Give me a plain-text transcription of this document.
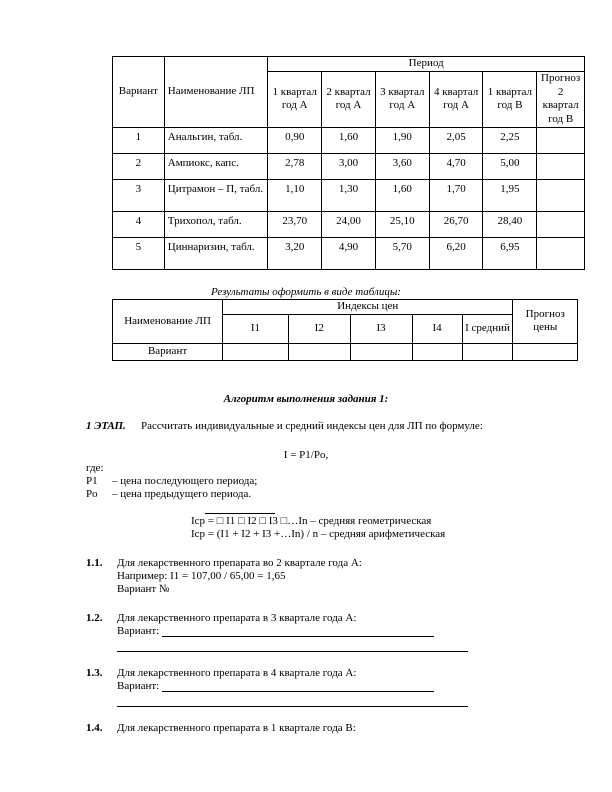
Вариант	Наименование ЛП	Период					
		1 квартал год А	2 квартал год А	3 квартал год А	4 квартал год А	1 квартал год В	Прогноз 2 квартал год В
1	Анальгин, табл.	0,90	1,60	1,90	2,05	2,25	
2	Ампиокс, капс.	2,78	3,00	3,60	4,70	5,00	
3	Цитрамон – П, табл.	1,10	1,30	1,60	1,70	1,95	
4	Трихопол, табл.	23,70	24,00	25,10	26,70	28,40	
5	Циннаризин, табл.	3,20	4,90	5,70	6,20	6,95	
Результаты оформить в виде таблицы:
Наименование ЛП	Индексы цен					Прогноз цены
	I1	I2	I3	I4	I средний	
Вариант						
Алгоритм выполнения задания 1:
1 ЭТАП. Рассчитать индивидуальные и средний индексы цен для ЛП по формуле:
I = P1/Po,
где:
P1 – цена последующего периода;
Po – цена предыдущего периода.
Icp = □ I1 □ I2 □ I3 □…In – средняя геометрическая
Icp = (I1 + I2 + I3 +…In) / n – средняя арифметическая
1.1. Для лекарственного препарата во 2 квартале года А:
Например: I1 = 107,00 / 65,00 = 1,65
Вариант №
1.2. Для лекарственного препарата в 3 квартале года А:
Вариант:
1.3. Для лекарственного препарата в 4 квартале года А:
Вариант:
1.4. Для лекарственного препарата в 1 квартале года В:
